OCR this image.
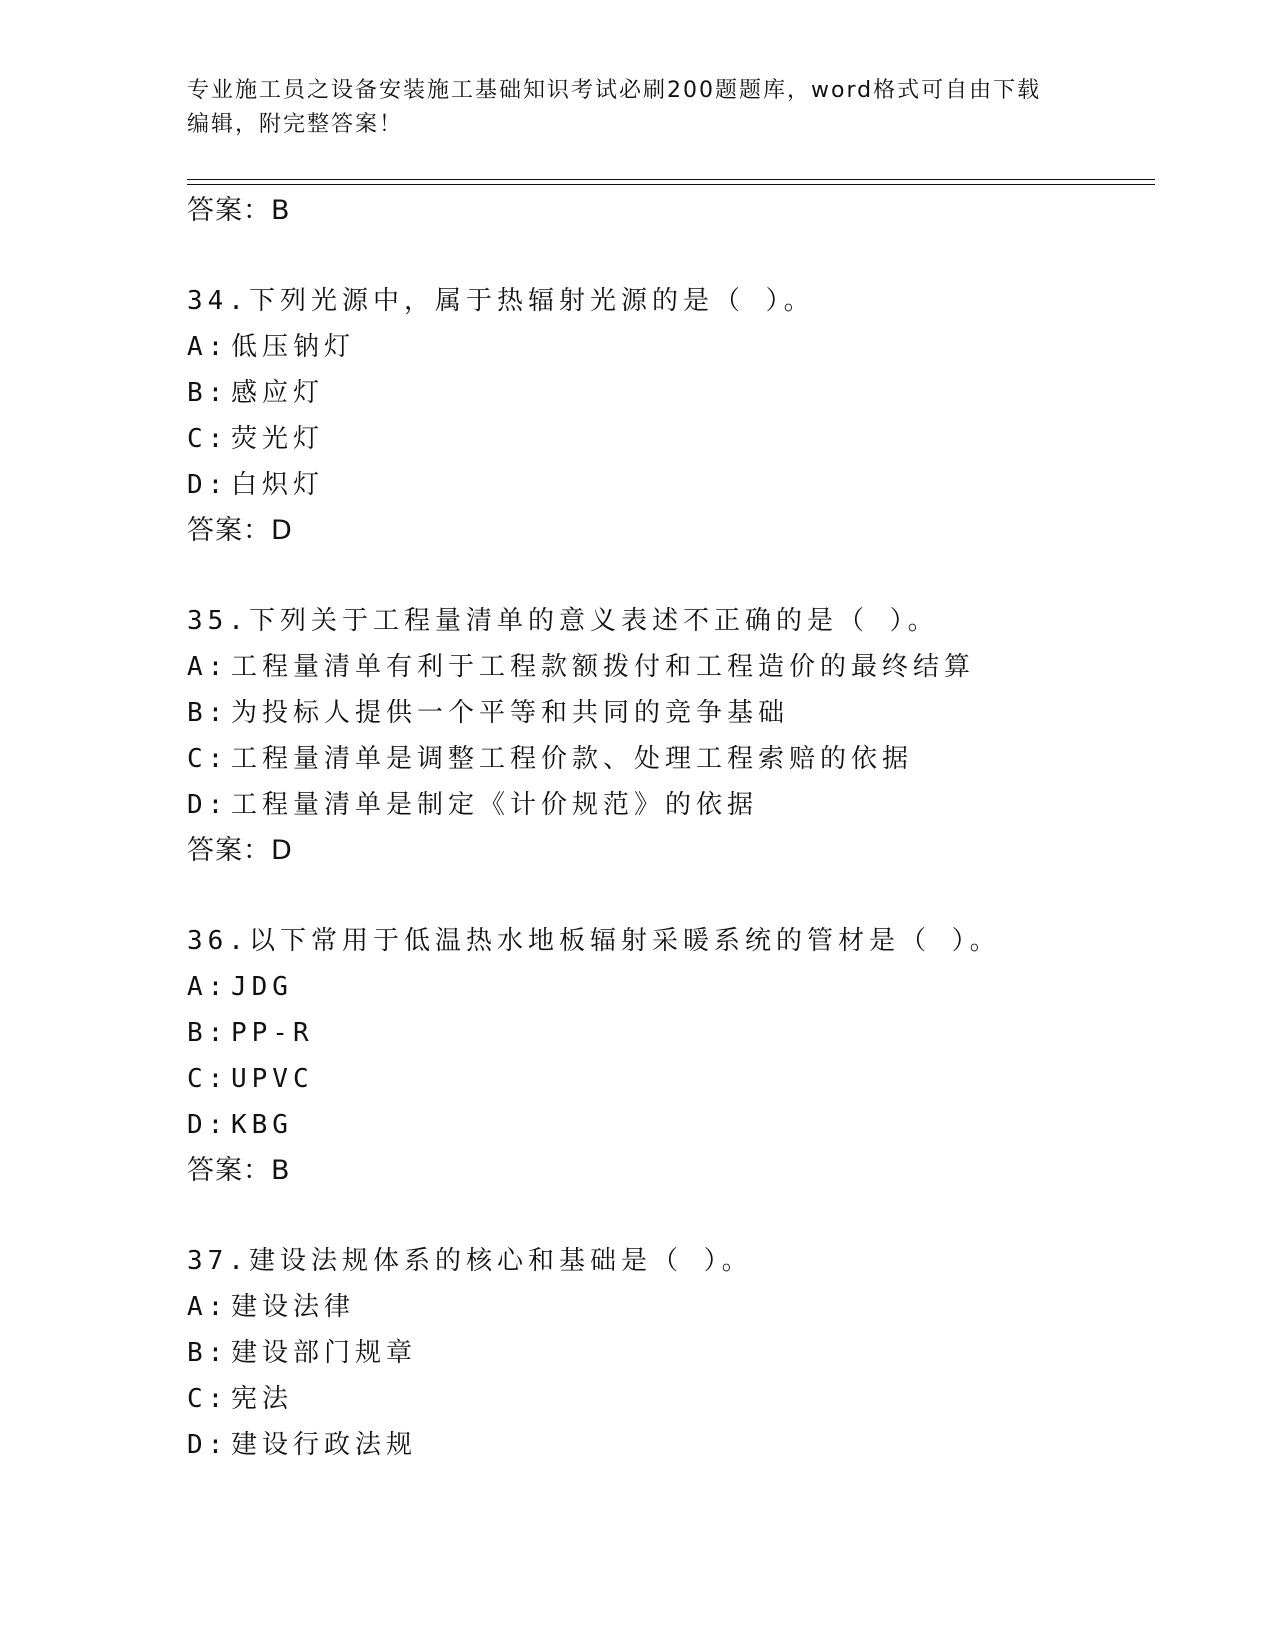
专业施工员之设备安装施工基础知识考试必刷200题题库，word格式可自由下载
编辑，附完整答案！
答案：B
34.下列光源中，属于热辐射光源的是（ ）。
A: 低压钠灯
B: 感应灯
C: 荧光灯
D: 白炽灯
答案：D
35.下列关于工程量清单的意义表述不正确的是（ ）。
A: 工程量清单有利于工程款额拨付和工程造价的最终结算
B: 为投标人提供一个平等和共同的竞争基础
C: 工程量清单是调整工程价款、处理工程索赔的依据
D: 工程量清单是制定《计价规范》的依据
答案：D
36.以下常用于低温热水地板辐射采暖系统的管材是（ ）。
A: JDG
B: PP-R
C: UPVC
D: KBG
答案：B
37.建设法规体系的核心和基础是（ ）。
A: 建设法律
B: 建设部门规章
C: 宪法
D: 建设行政法规
